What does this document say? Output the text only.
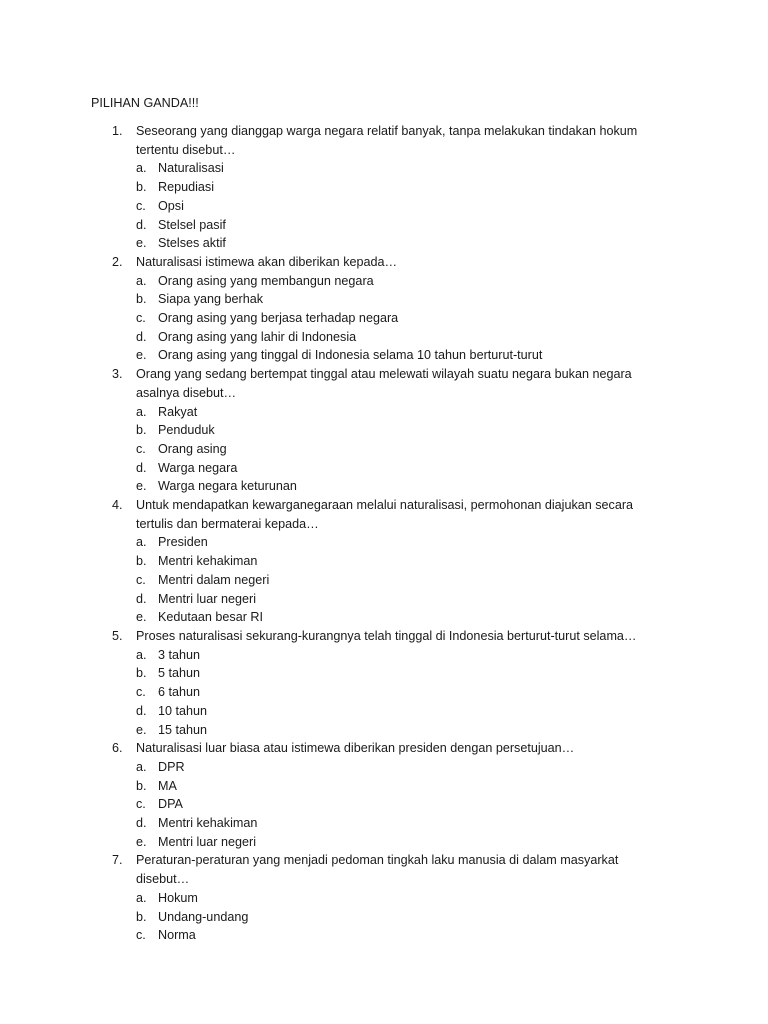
PILIHAN GANDA!!!
1. Seseorang yang dianggap warga negara relatif banyak, tanpa melakukan tindakan hokum tertentu disebut…
a. Naturalisasi
b. Repudiasi
c. Opsi
d. Stelsel pasif
e. Stelses aktif
2. Naturalisasi istimewa akan diberikan kepada…
a. Orang asing yang membangun negara
b. Siapa yang berhak
c. Orang asing yang berjasa terhadap negara
d. Orang asing yang lahir di Indonesia
e. Orang asing yang tinggal di Indonesia selama 10 tahun berturut-turut
3. Orang yang sedang bertempat tinggal atau melewati wilayah suatu negara bukan negara asalnya disebut…
a. Rakyat
b. Penduduk
c. Orang asing
d. Warga negara
e. Warga negara keturunan
4. Untuk mendapatkan kewarganegaraan melalui naturalisasi, permohonan diajukan secara tertulis dan bermaterai kepada…
a. Presiden
b. Mentri kehakiman
c. Mentri dalam negeri
d. Mentri luar negeri
e. Kedutaan besar RI
5. Proses naturalisasi sekurang-kurangnya telah tinggal di Indonesia berturut-turut selama…
a. 3 tahun
b. 5 tahun
c. 6 tahun
d. 10 tahun
e. 15 tahun
6. Naturalisasi luar biasa atau istimewa diberikan presiden dengan persetujuan…
a. DPR
b. MA
c. DPA
d. Mentri kehakiman
e. Mentri luar negeri
7. Peraturan-peraturan yang menjadi pedoman tingkah laku manusia di dalam masyarkat disebut…
a. Hokum
b. Undang-undang
c. Norma
